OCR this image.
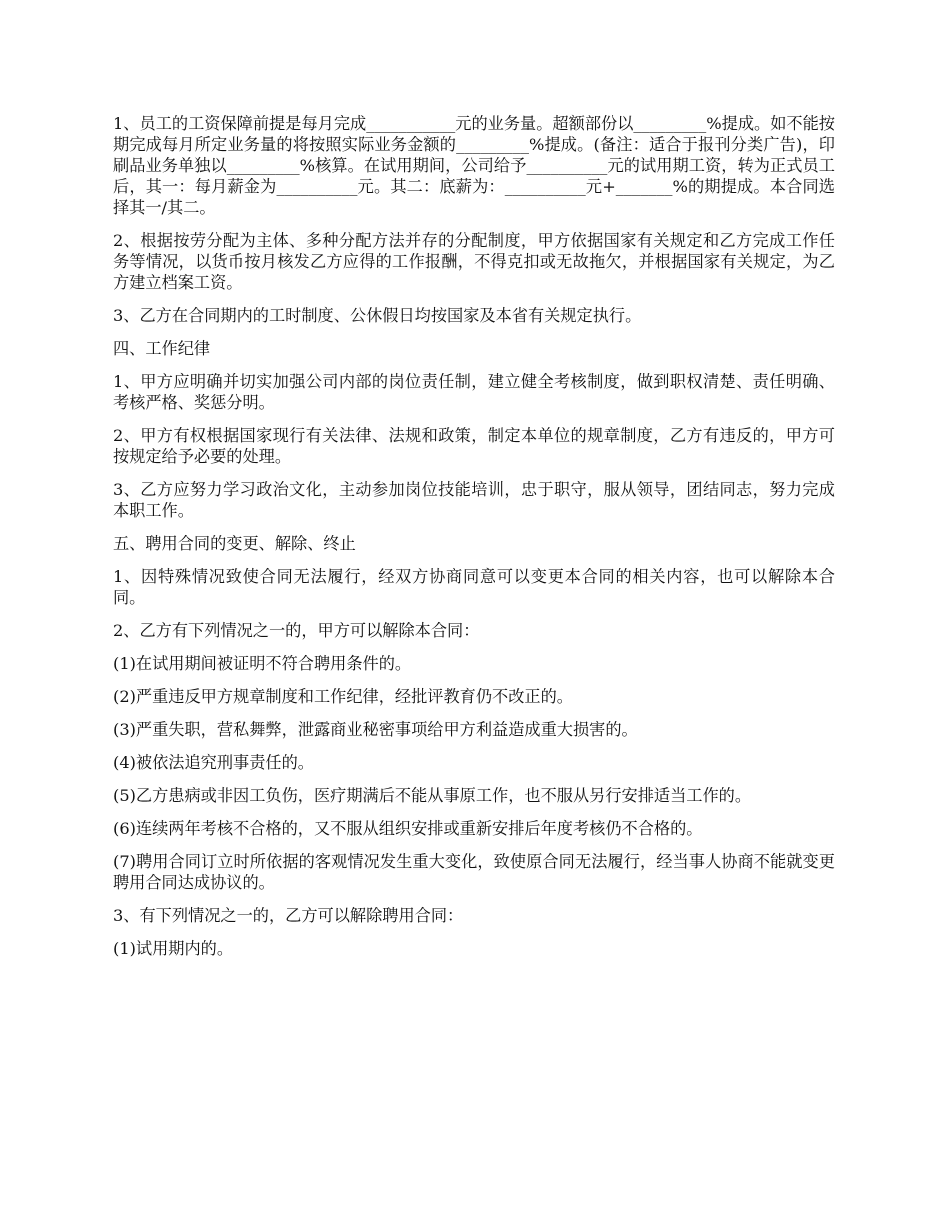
1、员工的工资保障前提是每月完成___________元的业务量。超额部份以_________%提成。如不能按期完成每月所定业务量的将按照实际业务金额的_________%提成。(备注：适合于报刊分类广告)，印刷品业务单独以_________%核算。在试用期间，公司给予__________元的试用期工资，转为正式员工后，其一：每月薪金为__________元。其二：底薪为：__________元+_______%的期提成。本合同选择其一/其二。

2、根据按劳分配为主体、多种分配方法并存的分配制度，甲方依据国家有关规定和乙方完成工作任务等情况，以货币按月核发乙方应得的工作报酬，不得克扣或无故拖欠，并根据国家有关规定，为乙方建立档案工资。

3、乙方在合同期内的工时制度、公休假日均按国家及本省有关规定执行。

四、工作纪律

1、甲方应明确并切实加强公司内部的岗位责任制，建立健全考核制度，做到职权清楚、责任明确、考核严格、奖惩分明。

2、甲方有权根据国家现行有关法律、法规和政策，制定本单位的规章制度，乙方有违反的，甲方可按规定给予必要的处理。

3、乙方应努力学习政治文化，主动参加岗位技能培训，忠于职守，服从领导，团结同志，努力完成本职工作。

五、聘用合同的变更、解除、终止

1、因特殊情况致使合同无法履行，经双方协商同意可以变更本合同的相关内容，也可以解除本合同。

2、乙方有下列情况之一的，甲方可以解除本合同：

(1)在试用期间被证明不符合聘用条件的。

(2)严重违反甲方规章制度和工作纪律，经批评教育仍不改正的。

(3)严重失职，营私舞弊，泄露商业秘密事项给甲方利益造成重大损害的。

(4)被依法追究刑事责任的。

(5)乙方患病或非因工负伤，医疗期满后不能从事原工作，也不服从另行安排适当工作的。

(6)连续两年考核不合格的，又不服从组织安排或重新安排后年度考核仍不合格的。

(7)聘用合同订立时所依据的客观情况发生重大变化，致使原合同无法履行，经当事人协商不能就变更聘用合同达成协议的。

3、有下列情况之一的，乙方可以解除聘用合同：

(1)试用期内的。
